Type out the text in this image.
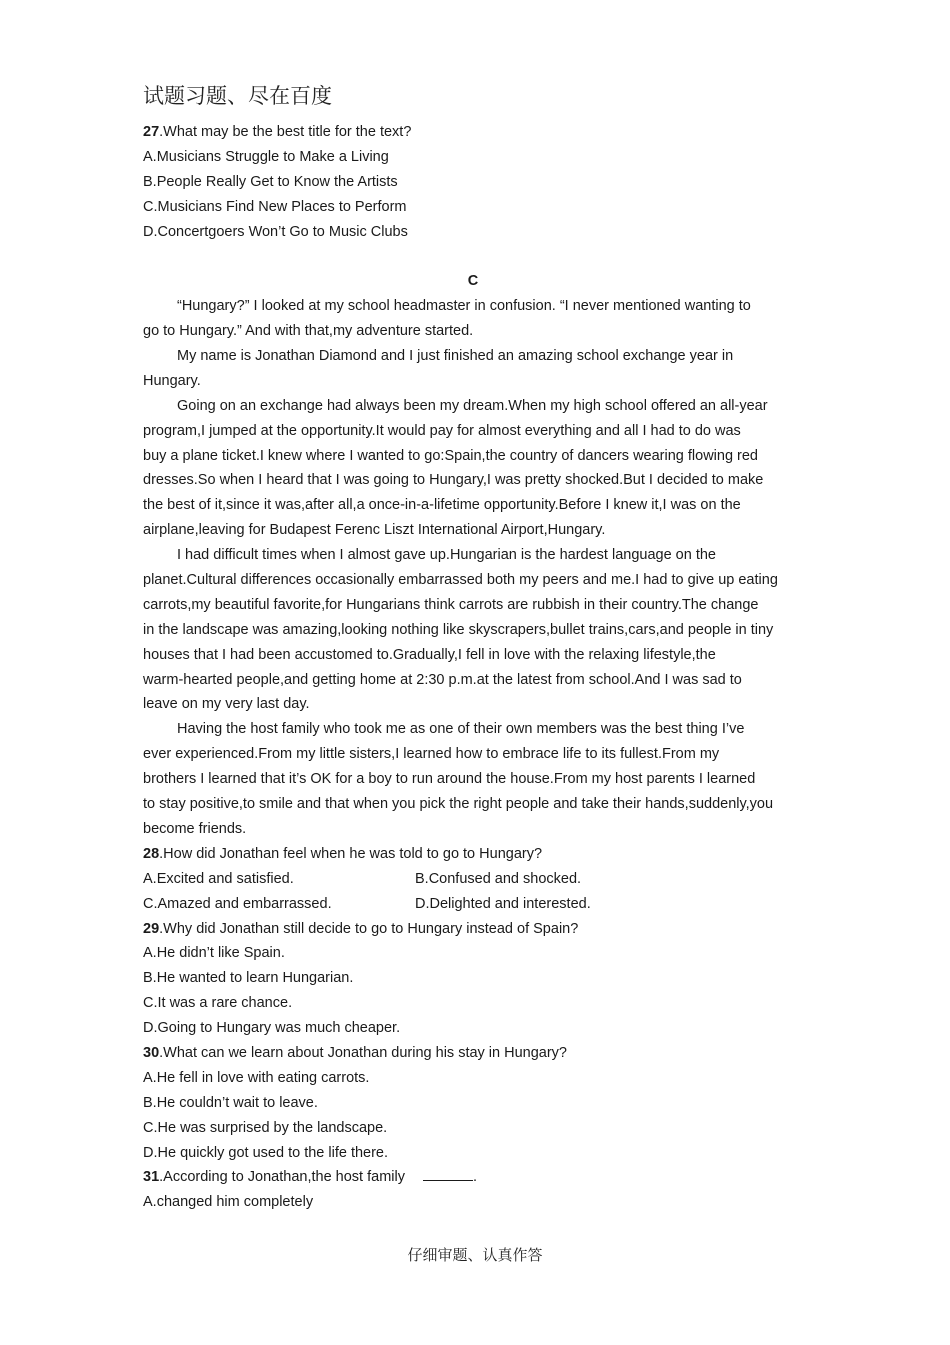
试题习题、尽在百度
27.What may be the best title for the text?
A.Musicians Struggle to Make a Living
B.People Really Get to Know the Artists
C.Musicians Find New Places to Perform
D.Concertgoers Won’t Go to Music Clubs
C
“Hungary?” I looked at my school headmaster in confusion. “I never mentioned wanting to
go to Hungary.” And with that,my adventure started.
My name is Jonathan Diamond and I just finished an amazing school exchange year in
Hungary.
Going on an exchange had always been my dream.When my high school offered an all-year
program,I jumped at the opportunity.It would pay for almost everything and all I had to do was
buy a plane ticket.I knew where I wanted to go:Spain,the country of dancers wearing flowing red
dresses.So when I heard that I was going to Hungary,I was pretty shocked.But I decided to make
the best of it,since it was,after all,a once-in-a-lifetime opportunity.Before I knew it,I was on the
airplane,leaving for Budapest Ferenc Liszt International Airport,Hungary.
I had difficult times when I almost gave up.Hungarian is the hardest language on the
planet.Cultural differences occasionally embarrassed both my peers and me.I had to give up eating
carrots,my beautiful favorite,for Hungarians think carrots are rubbish in their country.The change
in the landscape was amazing,looking nothing like skyscrapers,bullet trains,cars,and people in tiny
houses that I had been accustomed to.Gradually,I fell in love with the relaxing lifestyle,the
warm-hearted people,and getting home at 2:30 p.m.at the latest from school.And I was sad to
leave on my very last day.
Having the host family who took me as one of their own members was the best thing I’ve
ever experienced.From my little sisters,I learned how to embrace life to its fullest.From my
brothers I learned that it’s OK for a boy to run around the house.From my host parents I learned
to stay positive,to smile and that when you pick the right people and take their hands,suddenly,you
become friends.
28.How did Jonathan feel when he was told to go to Hungary?
A.Excited and satisfied.	B.Confused and shocked.
C.Amazed and embarrassed.	D.Delighted and interested.
29.Why did Jonathan still decide to go to Hungary instead of Spain?
A.He didn’t like Spain.
B.He wanted to learn Hungarian.
C.It was a rare chance.
D.Going to Hungary was much cheaper.
30.What can we learn about Jonathan during his stay in Hungary?
A.He fell in love with eating carrots.
B.He couldn’t wait to leave.
C.He was surprised by the landscape.
D.He quickly got used to the life there.
31.According to Jonathan,the host family	.
A.changed him completely
仔细审题、认真作答
